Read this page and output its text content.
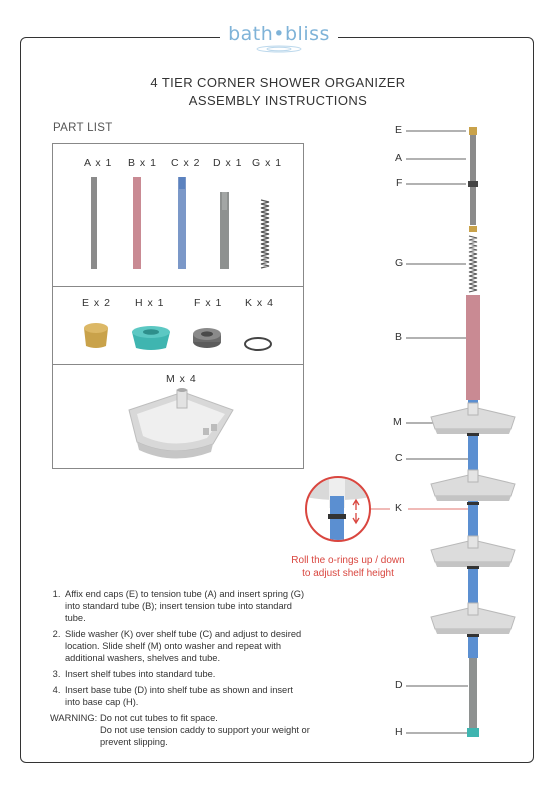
bath•bliss
4 TIER CORNER SHOWER ORGANIZER
ASSEMBLY INSTRUCTIONS
PART LIST
A x 1 B x 1 C x 2 D x 1 G x 1
E x 2 H x 1	F x 1 K x 4
M x 4
1. Affix end caps (E) to tension tube (A) and insert spring (G) into standard tube (B); insert tension tube into standard tube.
2. Slide washer (K) over shelf tube (C) and adjust to desired location. Slide shelf (M) onto washer and repeat with additional washers, shelves and tube.
3. Insert shelf tubes into standard tube.
4. Insert base tube (D) into shelf tube as shown and insert into base cap (H).
WARNING: Do not cut tubes to fit space.
Do not use tension caddy to support your weight or prevent slipping.
E
A
F
G
B
M
C
K
D
H
Roll the o-rings up / down
to adjust shelf height
